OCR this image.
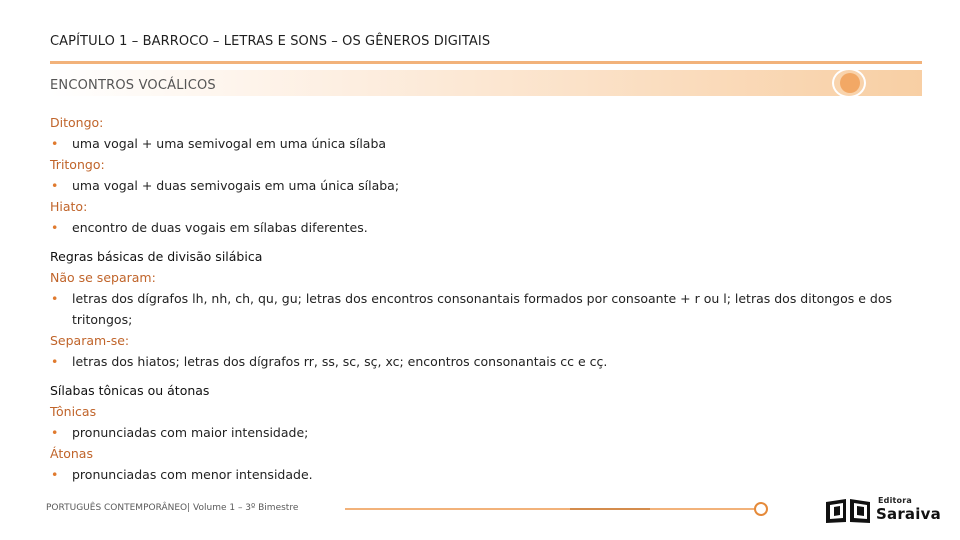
CAPÍTULO 1 – BARROCO – LETRAS E SONS – OS GÊNEROS DIGITAIS
ENCONTROS VOCÁLICOS
Ditongo:
• uma vogal + uma semivogal em uma única sílaba
Tritongo:
• uma vogal + duas semivogais em uma única sílaba;
Hiato:
• encontro de duas vogais em sílabas diferentes.
Regras básicas de divisão silábica
Não se separam:
• letras dos dígrafos lh, nh, ch, qu, gu; letras dos encontros consonantais formados por consoante + r ou l; letras dos ditongos e dos tritongos;
Separam-se:
• letras dos hiatos; letras dos dígrafos rr, ss, sc, sç, xc; encontros consonantais cc e cç.
Sílabas tônicas ou átonas
Tônicas
• pronunciadas com maior intensidade;
Átonas
• pronunciadas com menor intensidade.
PORTUGUÊS CONTEMPORÂNEO| Volume 1 – 3º Bimestre
Editora
Saraiva
